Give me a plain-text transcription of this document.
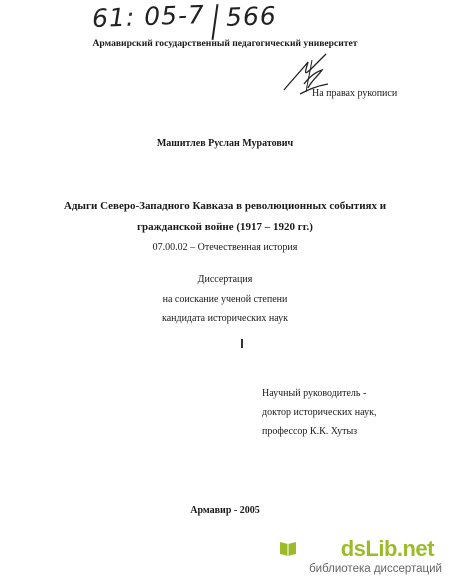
61: 05-7 566
Армавирский государственный педагогический университет
На правах рукописи
Машитлев Руслан Муратович
Адыги Северо-Западного Кавказа в революционных событиях и
гражданской войне (1917 – 1920 гг.)
07.00.02 – Отечественная история
Диссертация
на соискание ученой степени
кандидата исторических наук
Научный руководитель -
доктор исторических наук,
профессор К.К. Хутыз
Армавир - 2005
dsLib.net
библиотека диссертаций
